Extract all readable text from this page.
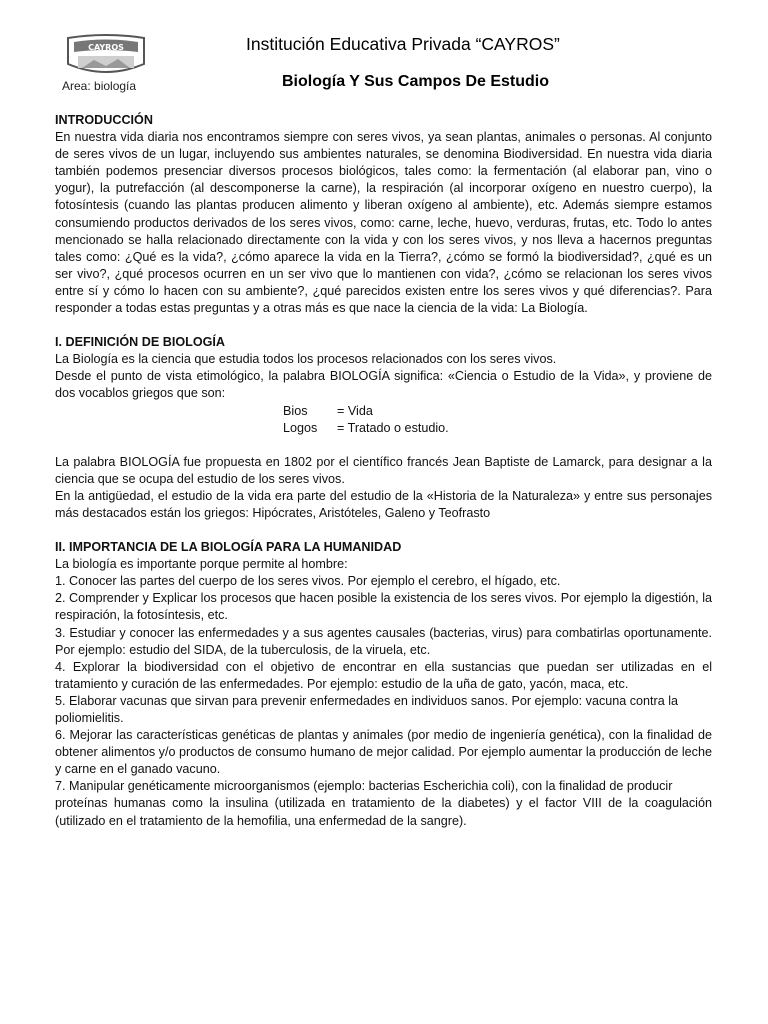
CAYROS
Area: biología
Institución Educativa Privada “CAYROS”
Biología Y Sus Campos De Estudio

INTRODUCCIÓN

En nuestra vida diaria nos encontramos siempre con seres vivos, ya sean plantas, animales o personas. Al conjunto de seres vivos de un lugar, incluyendo sus ambientes naturales, se denomina Biodiversidad. En nuestra vida diaria también podemos presenciar diversos procesos biológicos, tales como: la fermentación (al elaborar pan, vino o yogur), la putrefacción (al descomponerse la carne), la respiración (al incorporar oxígeno en nuestro cuerpo), la fotosíntesis (cuando las plantas producen alimento y liberan oxígeno al ambiente), etc. Además siempre estamos consumiendo productos derivados de los seres vivos, como: carne, leche, huevo, verduras, frutas, etc. Todo lo antes mencionado se halla relacionado directamente con la vida y con los seres vivos, y nos lleva a hacernos preguntas tales como: ¿Qué es la vida?, ¿cómo aparece la vida en la Tierra?, ¿cómo se formó la biodiversidad?, ¿qué es un ser vivo?, ¿qué procesos ocurren en un ser vivo que lo mantienen con vida?, ¿cómo se relacionan los seres vivos entre sí y cómo lo hacen con su ambiente?, ¿qué parecidos existen entre los seres vivos y qué diferencias?. Para responder a todas estas preguntas y a otras más es que nace la ciencia de la vida: La Biología.

I. DEFINICIÓN DE BIOLOGÍA

La Biología es la ciencia que estudia todos los procesos relacionados con los seres vivos.

Desde el punto de vista etimológico, la palabra BIOLOGÍA significa: «Ciencia o Estudio de la Vida», y proviene de dos vocablos griegos que son:

Bios = Vida

Logos = Tratado o estudio.

La palabra BIOLOGÍA fue propuesta en 1802 por el científico francés Jean Baptiste de Lamarck, para designar a la ciencia que se ocupa del estudio de los seres vivos.

En la antigüedad, el estudio de la vida era parte del estudio de la «Historia de la Naturaleza» y entre sus personajes más destacados están los griegos: Hipócrates, Aristóteles, Galeno y Teofrasto

II. IMPORTANCIA DE LA BIOLOGÍA PARA LA HUMANIDAD

La biología es importante porque permite al hombre:

1. Conocer las partes del cuerpo de los seres vivos. Por ejemplo el cerebro, el hígado, etc.

2. Comprender y Explicar los procesos que hacen posible la existencia de los seres vivos. Por ejemplo la digestión, la respiración, la fotosíntesis, etc.

3. Estudiar y conocer las enfermedades y a sus agentes causales (bacterias, virus) para combatirlas oportunamente. Por ejemplo: estudio del SIDA, de la tuberculosis, de la viruela, etc.

4. Explorar la biodiversidad con el objetivo de encontrar en ella sustancias que puedan ser utilizadas en el tratamiento y curación de las enfermedades. Por ejemplo: estudio de la uña de gato, yacón, maca, etc.

5. Elaborar vacunas que sirvan para prevenir enfermedades en individuos sanos. Por ejemplo: vacuna contra la

poliomielitis.

6. Mejorar las características genéticas de plantas y animales (por medio de ingeniería genética), con la finalidad de obtener alimentos y/o productos de consumo humano de mejor calidad. Por ejemplo aumentar la producción de leche y carne en el ganado vacuno.

7. Manipular genéticamente microorganismos (ejemplo: bacterias Escherichia coli), con la finalidad de producir

proteínas humanas como la insulina (utilizada en tratamiento de la diabetes) y el factor VIII de la coagulación (utilizado en el tratamiento de la hemofilia, una enfermedad de la sangre).
